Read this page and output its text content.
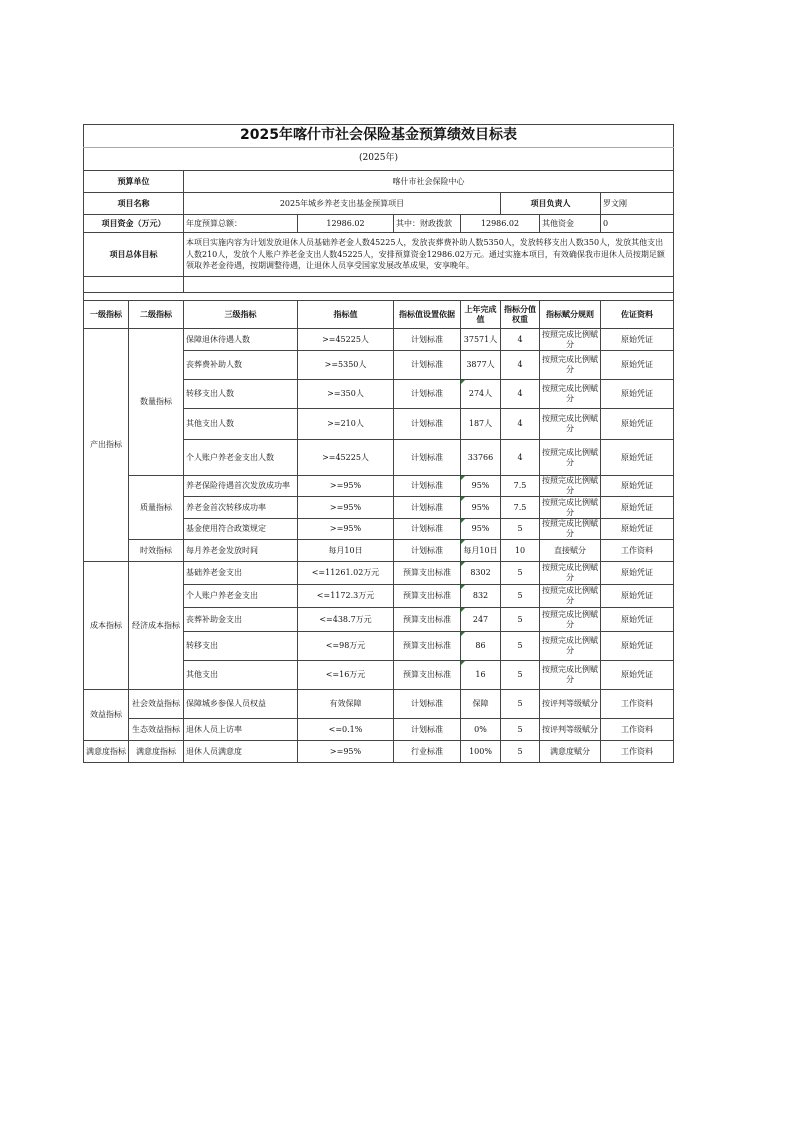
2025年喀什市社会保险基金预算绩效目标表								
(2025年)								
预算单位		喀什市社会保险中心						
项目名称		2025年城乡养老支出基金预算项目				项目负责人		罗文刚
项目资金（万元）		年度预算总额：	12986.02	其中：财政拨款	12986.02		其他资金	0
项目总体目标		本项目实施内容为计划发放退休人员基础养老金人数45225人，发放丧葬费补助人数5350人，发放转移支出人数350人，发放其他支出人数210人，发放个人账户养老金支出人数45225人，安排预算资金12986.02万元。通过实施本项目，有效确保我市退休人员按期足额领取养老金待遇，按期调整待遇，让退休人员享受国家发展改革成果，安享晚年。						

一级指标	二级指标	三级指标	指标值	指标值设置依据	上年完成值	指标分值权重	指标赋分规则	佐证资料
产出指标	数量指标	保障退休待遇人数	>=45225人	计划标准	37571人	4	按照完成比例赋分	原始凭证
		丧葬费补助人数	>=5350人	计划标准	3877人	4	按照完成比例赋分	原始凭证
		转移支出人数	>=350人	计划标准	274人	4	按照完成比例赋分	原始凭证
		其他支出人数	>=210人	计划标准	187人	4	按照完成比例赋分	原始凭证
		个人账户养老金支出人数	>=45225人	计划标准	33766	4	按照完成比例赋分	原始凭证
	质量指标	养老保险待遇首次发放成功率	>=95%	计划标准	95%	7.5	按照完成比例赋分	原始凭证
		养老金首次转移成功率	>=95%	计划标准	95%	7.5	按照完成比例赋分	原始凭证
		基金使用符合政策规定	>=95%	计划标准	95%	5	按照完成比例赋分	原始凭证
	时效指标	每月养老金发放时间	每月10日	计划标准	每月10日	10	直接赋分	工作资料
成本指标	经济成本指标	基础养老金支出	<=11261.02万元	预算支出标准	8302	5	按照完成比例赋分	原始凭证
		个人账户养老金支出	<=1172.3万元	预算支出标准	832	5	按照完成比例赋分	原始凭证
		丧葬补助金支出	<=438.7万元	预算支出标准	247	5	按照完成比例赋分	原始凭证
		转移支出	<=98万元	预算支出标准	86	5	按照完成比例赋分	原始凭证
		其他支出	<=16万元	预算支出标准	16	5	按照完成比例赋分	原始凭证
效益指标	社会效益指标	保障城乡参保人员权益	有效保障	计划标准	保障	5	按评判等级赋分	工作资料
	生态效益指标	退休人员上访率	<=0.1%	计划标准	0%	5	按评判等级赋分	工作资料
满意度指标	满意度指标	退休人员满意度	>=95%	行业标准	100%	5	满意度赋分	工作资料
